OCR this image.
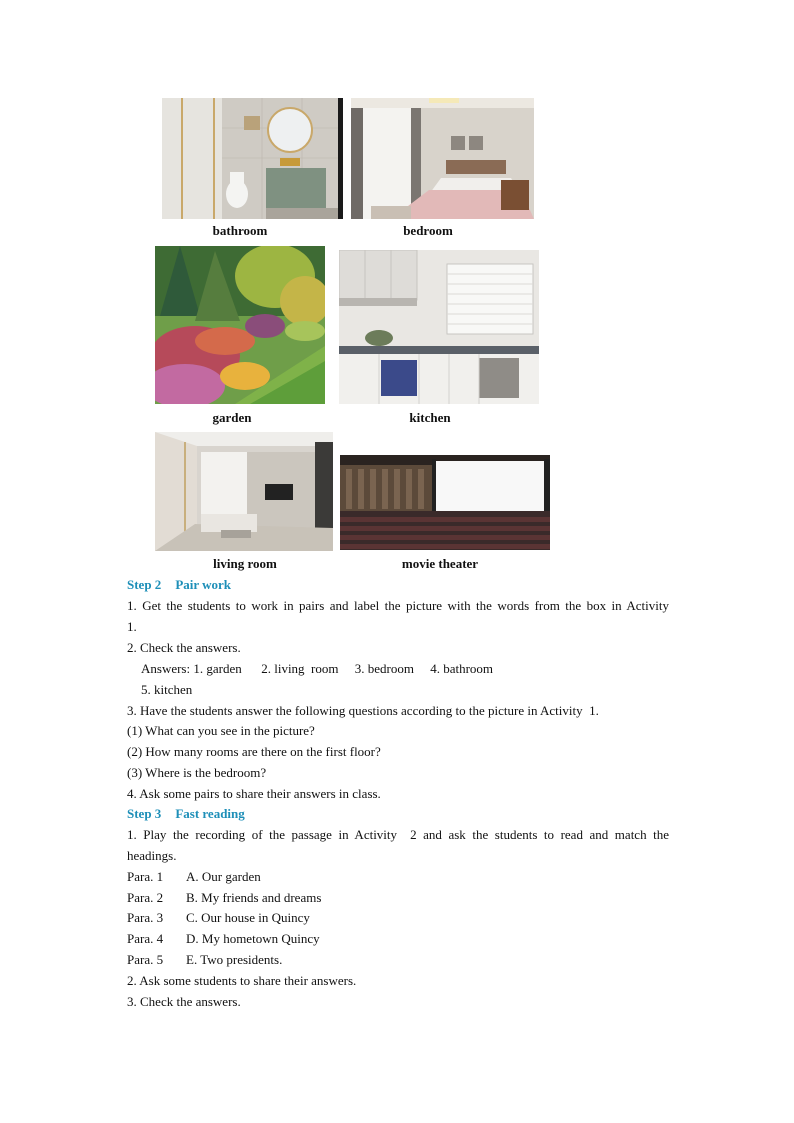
bathroom	bedroom
garden	kitchen
living room	movie theater
Step 2 Pair work
1. Get the students to work in pairs and label the picture with the words from the box in Activity
1.
2. Check the answers.
Answers: 1. garden      2. living  room     3. bedroom     4. bathroom
5. kitchen
3. Have the students answer the following questions according to the picture in Activity  1.
(1) What can you see in the picture?
(2) How many rooms are there on the first floor?
(3) Where is the bedroom?
4. Ask some pairs to share their answers in class.
Step 3 Fast reading
1. Play the recording of the passage in Activity  2 and ask the students to read and match the
headings.
Para. 1 A. Our garden
Para. 2 B. My friends and dreams
Para. 3 C. Our house in Quincy
Para. 4 D. My hometown Quincy
Para. 5 E. Two presidents.
2. Ask some students to share their answers.
3. Check the answers.
